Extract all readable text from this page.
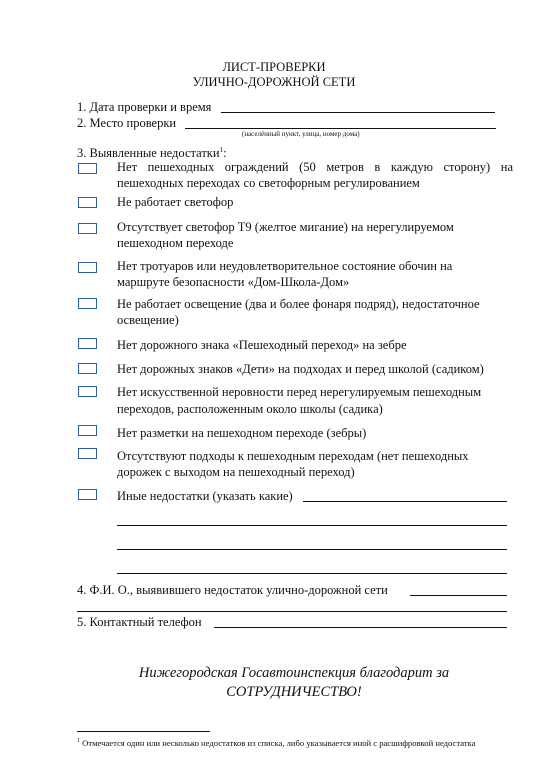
ЛИСТ-ПРОВЕРКИ
УЛИЧНО-ДОРОЖНОЙ СЕТИ
1. Дата проверки и время
2. Место проверки
(населённый пункт, улица, номер дома)
3. Выявленные недостатки$^1$:
Нет пешеходных ограждений (50 метров в каждую сторону) на
пешеходных переходах со светофорным регулированием
Не работает светофор
Отсутствует светофор Т9 (желтое мигание) на нерегулируемом
пешеходном переходе
Нет тротуаров или неудовлетворительное состояние обочин на
маршруте безопасности «Дом-Школа-Дом»
Не работает освещение (два и более фонаря подряд), недостаточное
освещение)
Нет дорожного знака «Пешеходный переход» на зебре
Нет дорожных знаков «Дети» на подходах и перед школой (садиком)
Нет искусственной неровности перед нерегулируемым пешеходным
переходов, расположенным около школы (садика)
Нет разметки на пешеходном переходе (зебры)
Отсутствуют подходы к пешеходным переходам (нет пешеходных
дорожек с выходом на пешеходный переход)
Иные недостатки (указать какие)
4. Ф.И. О., выявившего недостаток улично-дорожной сети
5. Контактный телефон
Нижегородская Госавтоинспекция благодарит за
СОТРУДНИЧЕСТВО!
$^1$ Отмечается один или несколько недостатков из списка, либо указывается иной с расшифровкой недостатка
